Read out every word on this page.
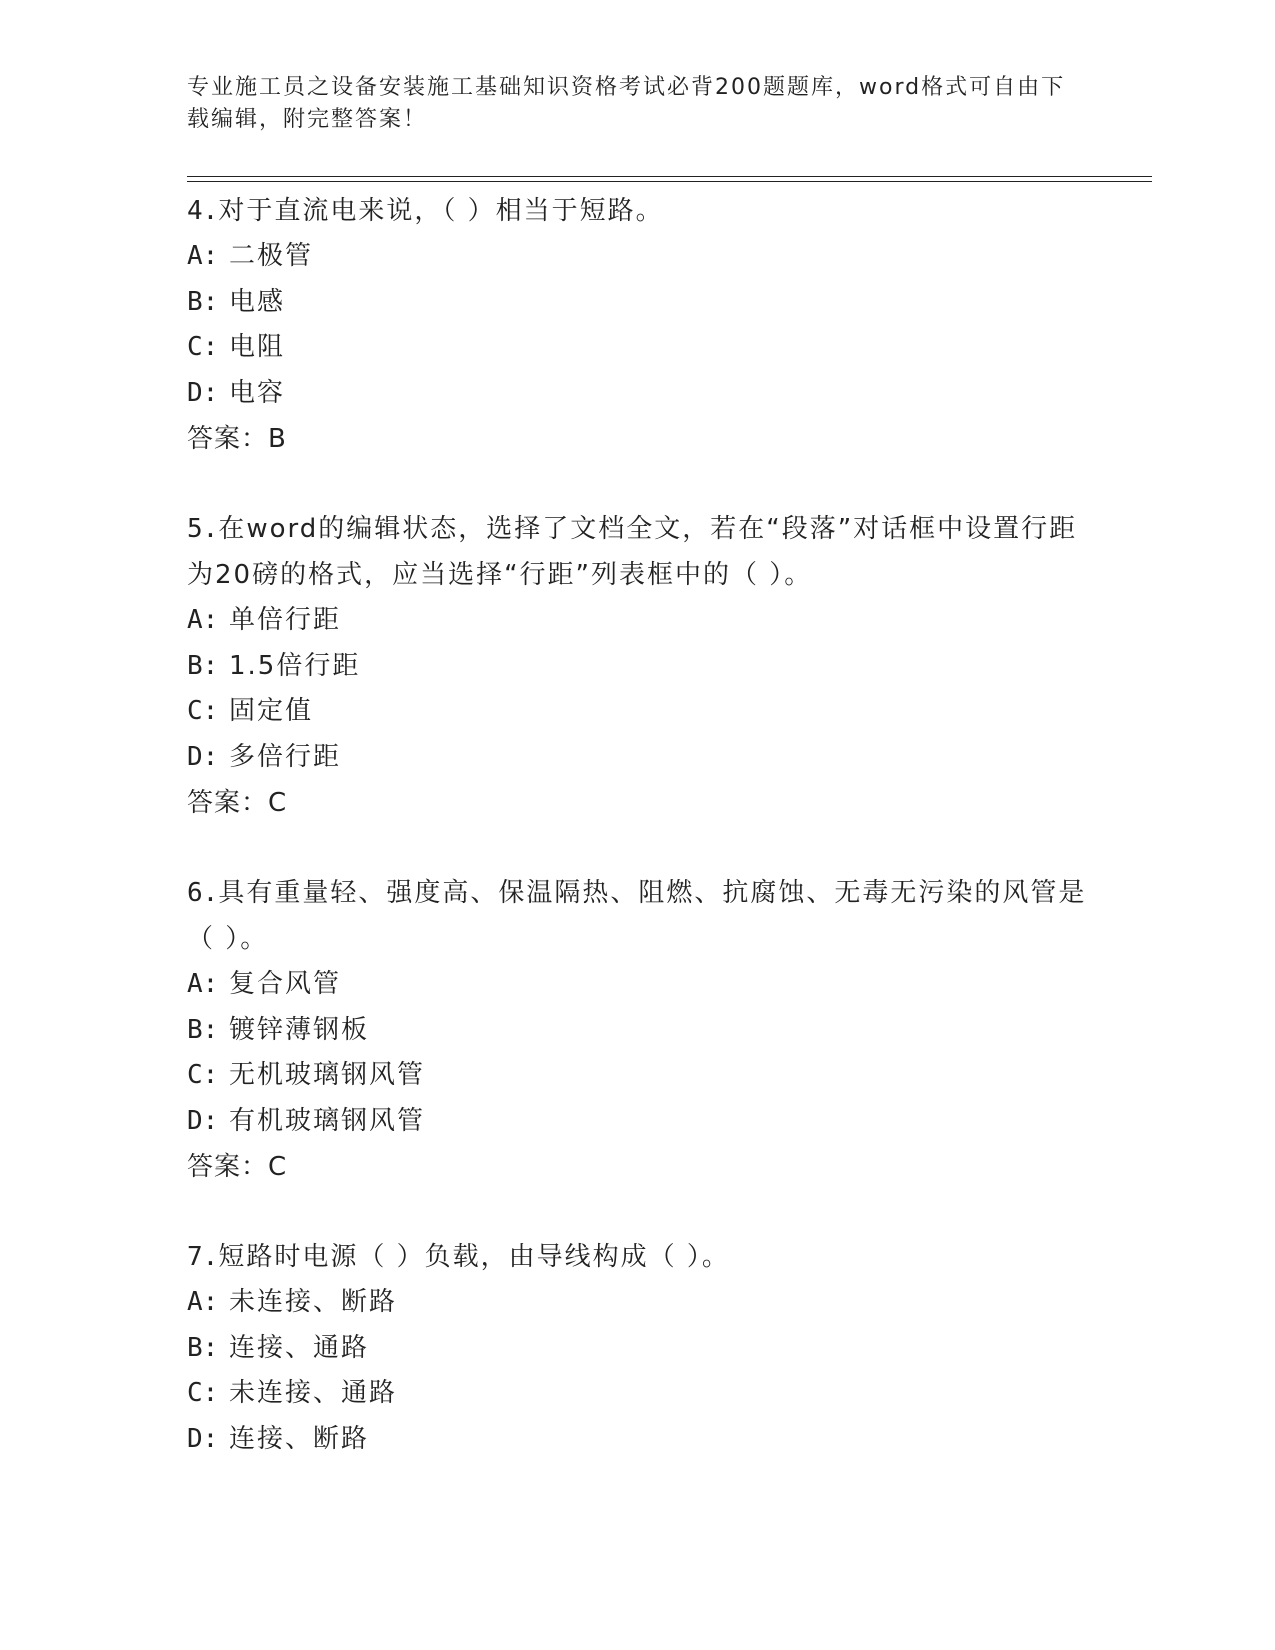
专业施工员之设备安装施工基础知识资格考试必背200题题库，word格式可自由下载编辑，附完整答案！

4.对于直流电来说，（ ）相当于短路。

A: 二极管

B: 电感

C: 电阻

D: 电容

答案：B

5.在word的编辑状态，选择了文档全文，若在“段落”对话框中设置行距为20磅的格式，应当选择“行距”列表框中的（ ）。

A: 单倍行距

B: 1.5倍行距

C: 固定值

D: 多倍行距

答案：C

6.具有重量轻、强度高、保温隔热、阻燃、抗腐蚀、无毒无污染的风管是（ ）。

A: 复合风管

B: 镀锌薄钢板

C: 无机玻璃钢风管

D: 有机玻璃钢风管

答案：C

7.短路时电源（ ）负载，由导线构成（ ）。

A: 未连接、断路

B: 连接、通路

C: 未连接、通路

D: 连接、断路
